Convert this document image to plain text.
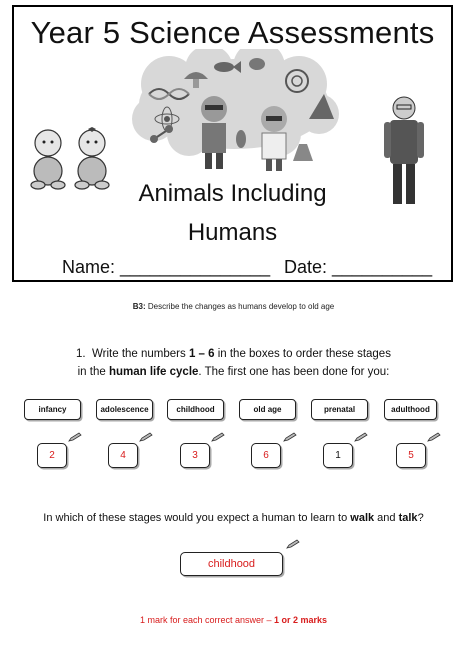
Year 5 Science Assessments
Animals Including
Humans
Name: _______________ Date: __________
B3: Describe the changes as humans develop to old age
1. Write the numbers 1 – 6 in the boxes to order these stages
in the human life cycle. The first one has been done for you:
infancy	adolescence	childhood	old age	prenatal	adulthood
2	4	3	6	1	5
In which of these stages would you expect a human to learn to walk and talk?
childhood
1 mark for each correct answer – 1 or 2 marks
